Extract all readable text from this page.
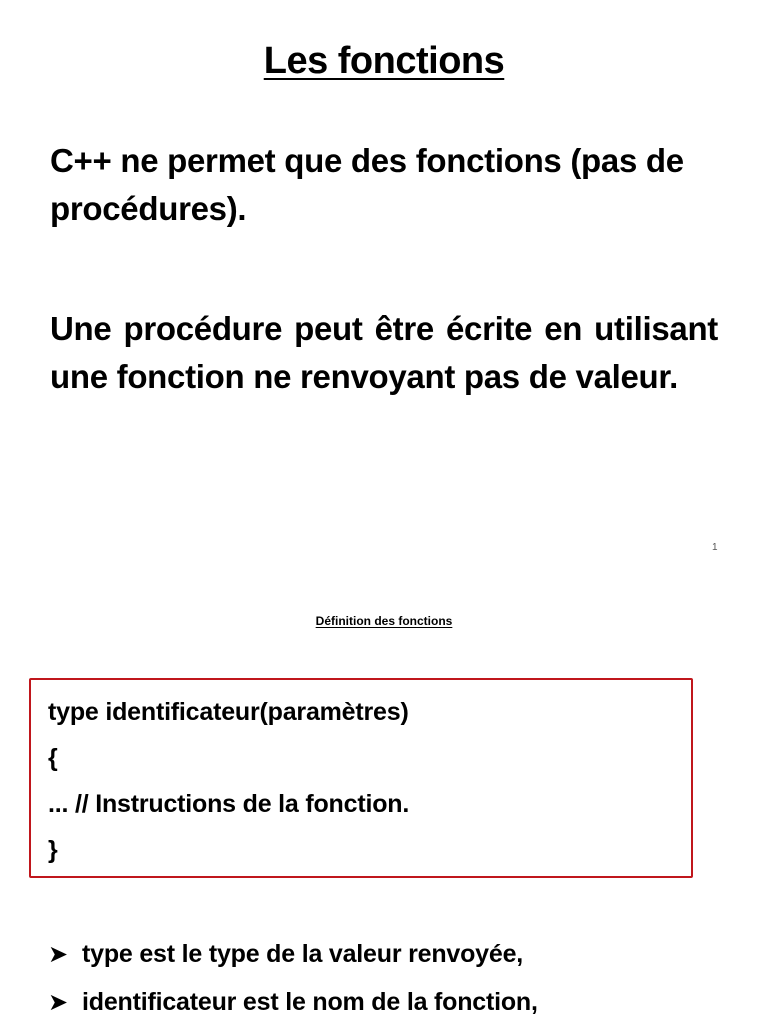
Les fonctions

C++ ne permet que des fonctions (pas de procédures).

Une procédure peut être écrite en utilisant une fonction ne renvoyant pas de valeur.

1

Définition des fonctions

type identificateur(paramètres)

{

... // Instructions de la fonction.

}

➤ type est le type de la valeur renvoyée,
➤ identificateur est le nom de la fonction,
